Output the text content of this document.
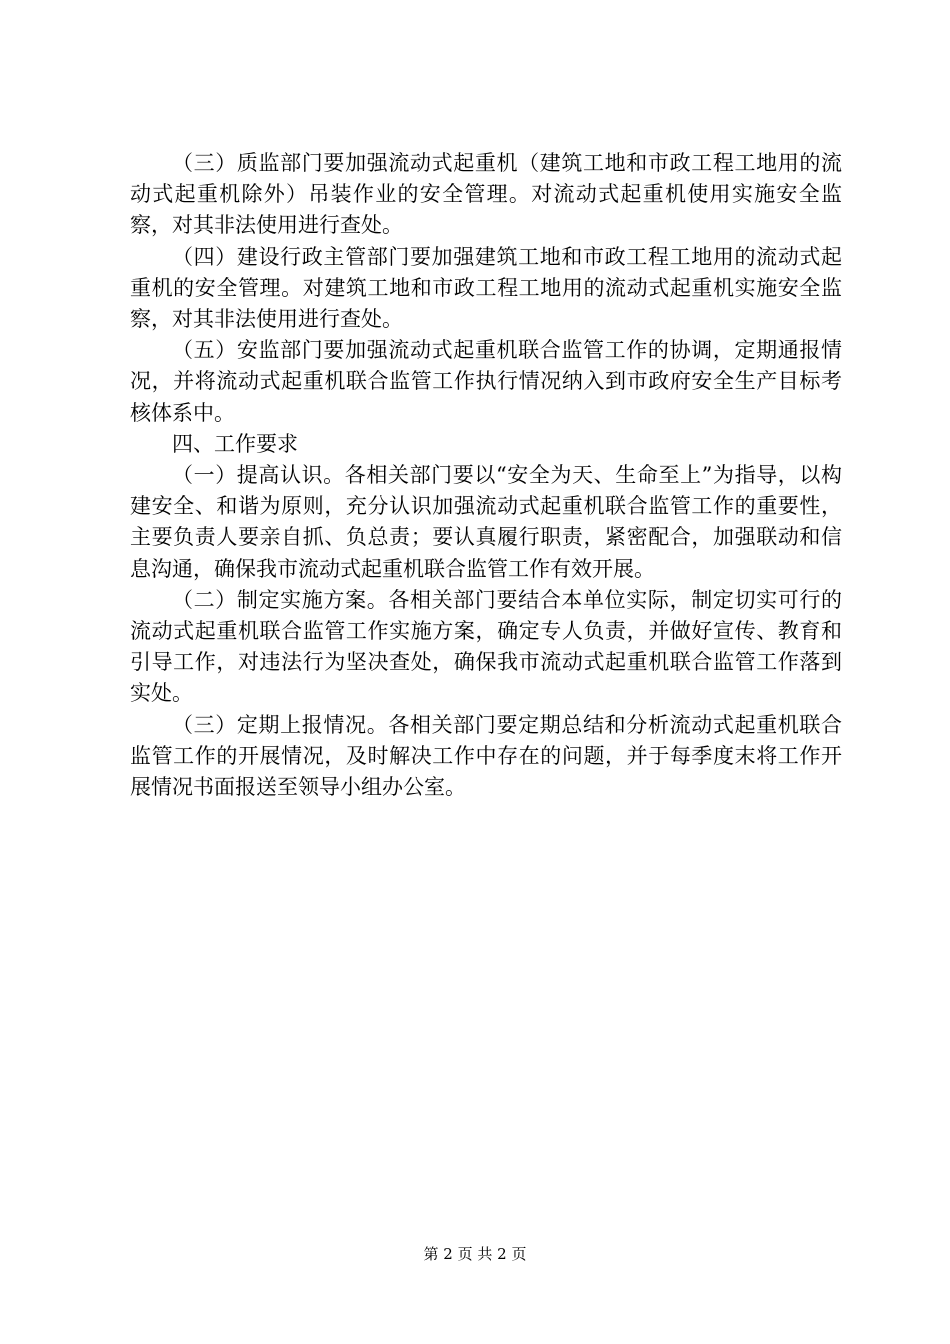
（三）质监部门要加强流动式起重机（建筑工地和市政工程工地用的流动式起重机除外）吊装作业的安全管理。对流动式起重机使用实施安全监察，对其非法使用进行查处。

（四）建设行政主管部门要加强建筑工地和市政工程工地用的流动式起重机的安全管理。对建筑工地和市政工程工地用的流动式起重机实施安全监察，对其非法使用进行查处。

（五）安监部门要加强流动式起重机联合监管工作的协调，定期通报情况，并将流动式起重机联合监管工作执行情况纳入到市政府安全生产目标考核体系中。

四、工作要求

（一）提高认识。各相关部门要以“安全为天、生命至上”为指导，以构建安全、和谐为原则，充分认识加强流动式起重机联合监管工作的重要性，主要负责人要亲自抓、负总责；要认真履行职责，紧密配合，加强联动和信息沟通，确保我市流动式起重机联合监管工作有效开展。

（二）制定实施方案。各相关部门要结合本单位实际，制定切实可行的流动式起重机联合监管工作实施方案，确定专人负责，并做好宣传、教育和引导工作，对违法行为坚决查处，确保我市流动式起重机联合监管工作落到实处。

（三）定期上报情况。各相关部门要定期总结和分析流动式起重机联合监管工作的开展情况，及时解决工作中存在的问题，并于每季度末将工作开展情况书面报送至领导小组办公室。

第 2 页 共 2 页
